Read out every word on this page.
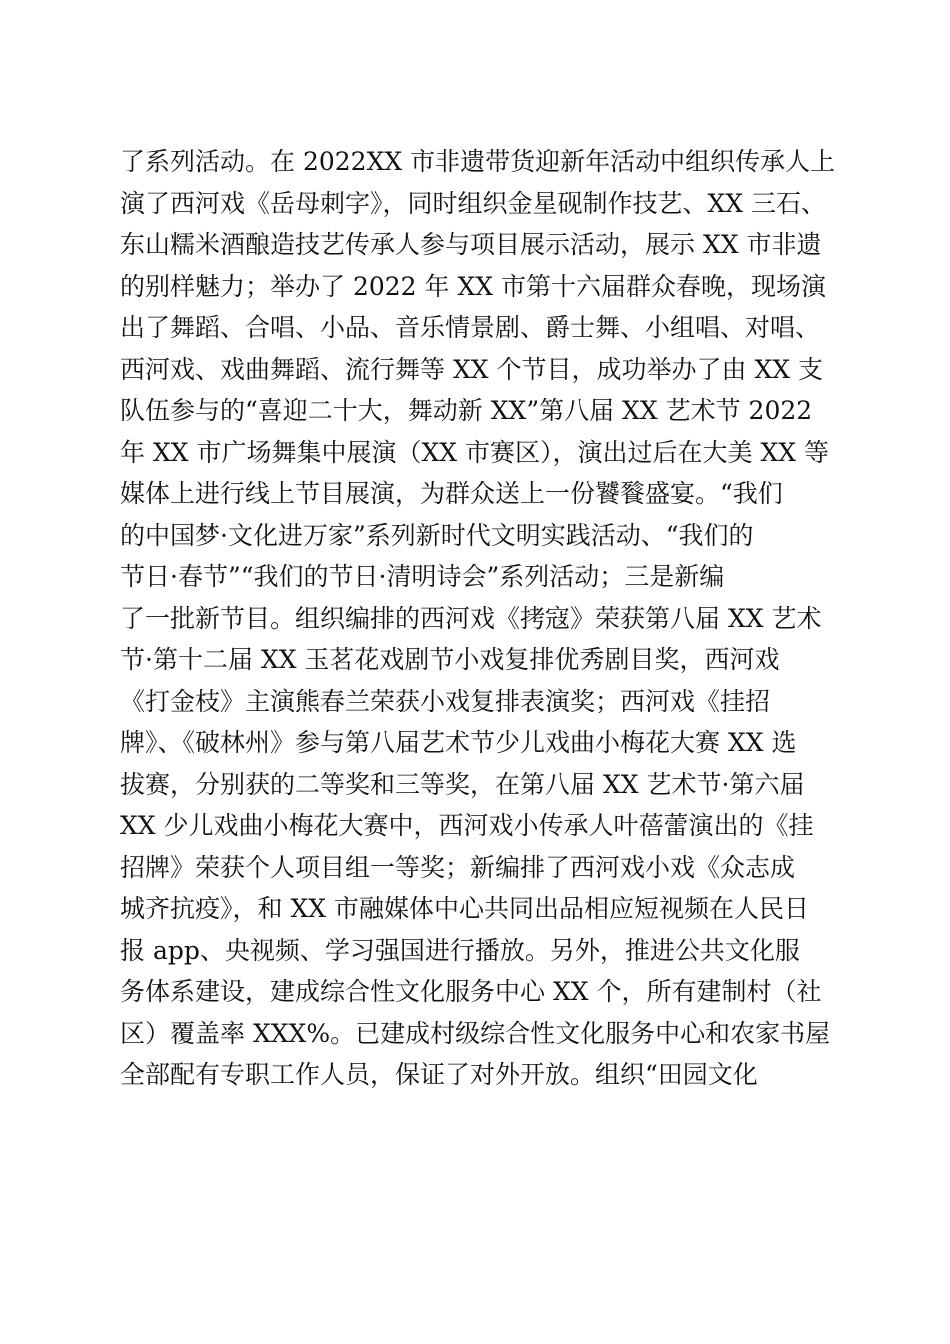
了系列活动。在 2022XX 市非遗带货迎新年活动中组织传承人上
演了西河戏《岳母刺字》，同时组织金星砚制作技艺、XX 三石、
东山糯米酒酿造技艺传承人参与项目展示活动，展示 XX 市非遗
的别样魅力；举办了 2022 年 XX 市第十六届群众春晚，现场演
出了舞蹈、合唱、小品、音乐情景剧、爵士舞、小组唱、对唱、
西河戏、戏曲舞蹈、流行舞等 XX 个节目，成功举办了由 XX 支
队伍参与的“喜迎二十大，舞动新 XX”第八届 XX 艺术节 2022
年 XX 市广场舞集中展演（XX 市赛区），演出过后在大美 XX 等
媒体上进行线上节目展演，为群众送上一份饕餮盛宴。“我们
的中国梦·文化进万家”系列新时代文明实践活动、“我们的
节日·春节”“我们的节日·清明诗会”系列活动；三是新编
了一批新节目。组织编排的西河戏《拷寇》荣获第八届 XX 艺术
节·第十二届 XX 玉茗花戏剧节小戏复排优秀剧目奖，西河戏
《打金枝》主演熊春兰荣获小戏复排表演奖；西河戏《挂招
牌》、《破林州》参与第八届艺术节少儿戏曲小梅花大赛 XX 选
拔赛，分别获的二等奖和三等奖，在第八届 XX 艺术节·第六届
XX 少儿戏曲小梅花大赛中，西河戏小传承人叶蓓蕾演出的《挂
招牌》荣获个人项目组一等奖；新编排了西河戏小戏《众志成
城齐抗疫》，和 XX 市融媒体中心共同出品相应短视频在人民日
报 app、央视频、学习强国进行播放。另外，推进公共文化服
务体系建设，建成综合性文化服务中心 XX 个，所有建制村（社
区）覆盖率 XXX%。已建成村级综合性文化服务中心和农家书屋
全部配有专职工作人员，保证了对外开放。组织“田园文化
